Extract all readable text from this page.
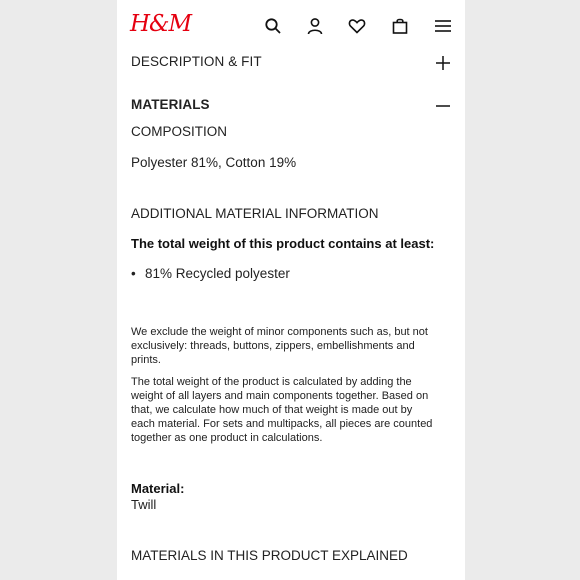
H&M
DESCRIPTION & FIT
MATERIALS
COMPOSITION
Polyester 81%, Cotton 19%
ADDITIONAL MATERIAL INFORMATION
The total weight of this product contains at least:
• 81% Recycled polyester
We exclude the weight of minor components such as, but not
exclusively: threads, buttons, zippers, embellishments and
prints.
The total weight of the product is calculated by adding the
weight of all layers and main components together. Based on
that, we calculate how much of that weight is made out by
each material. For sets and multipacks, all pieces are counted
together as one product in calculations.
Material:
Twill
MATERIALS IN THIS PRODUCT EXPLAINED
